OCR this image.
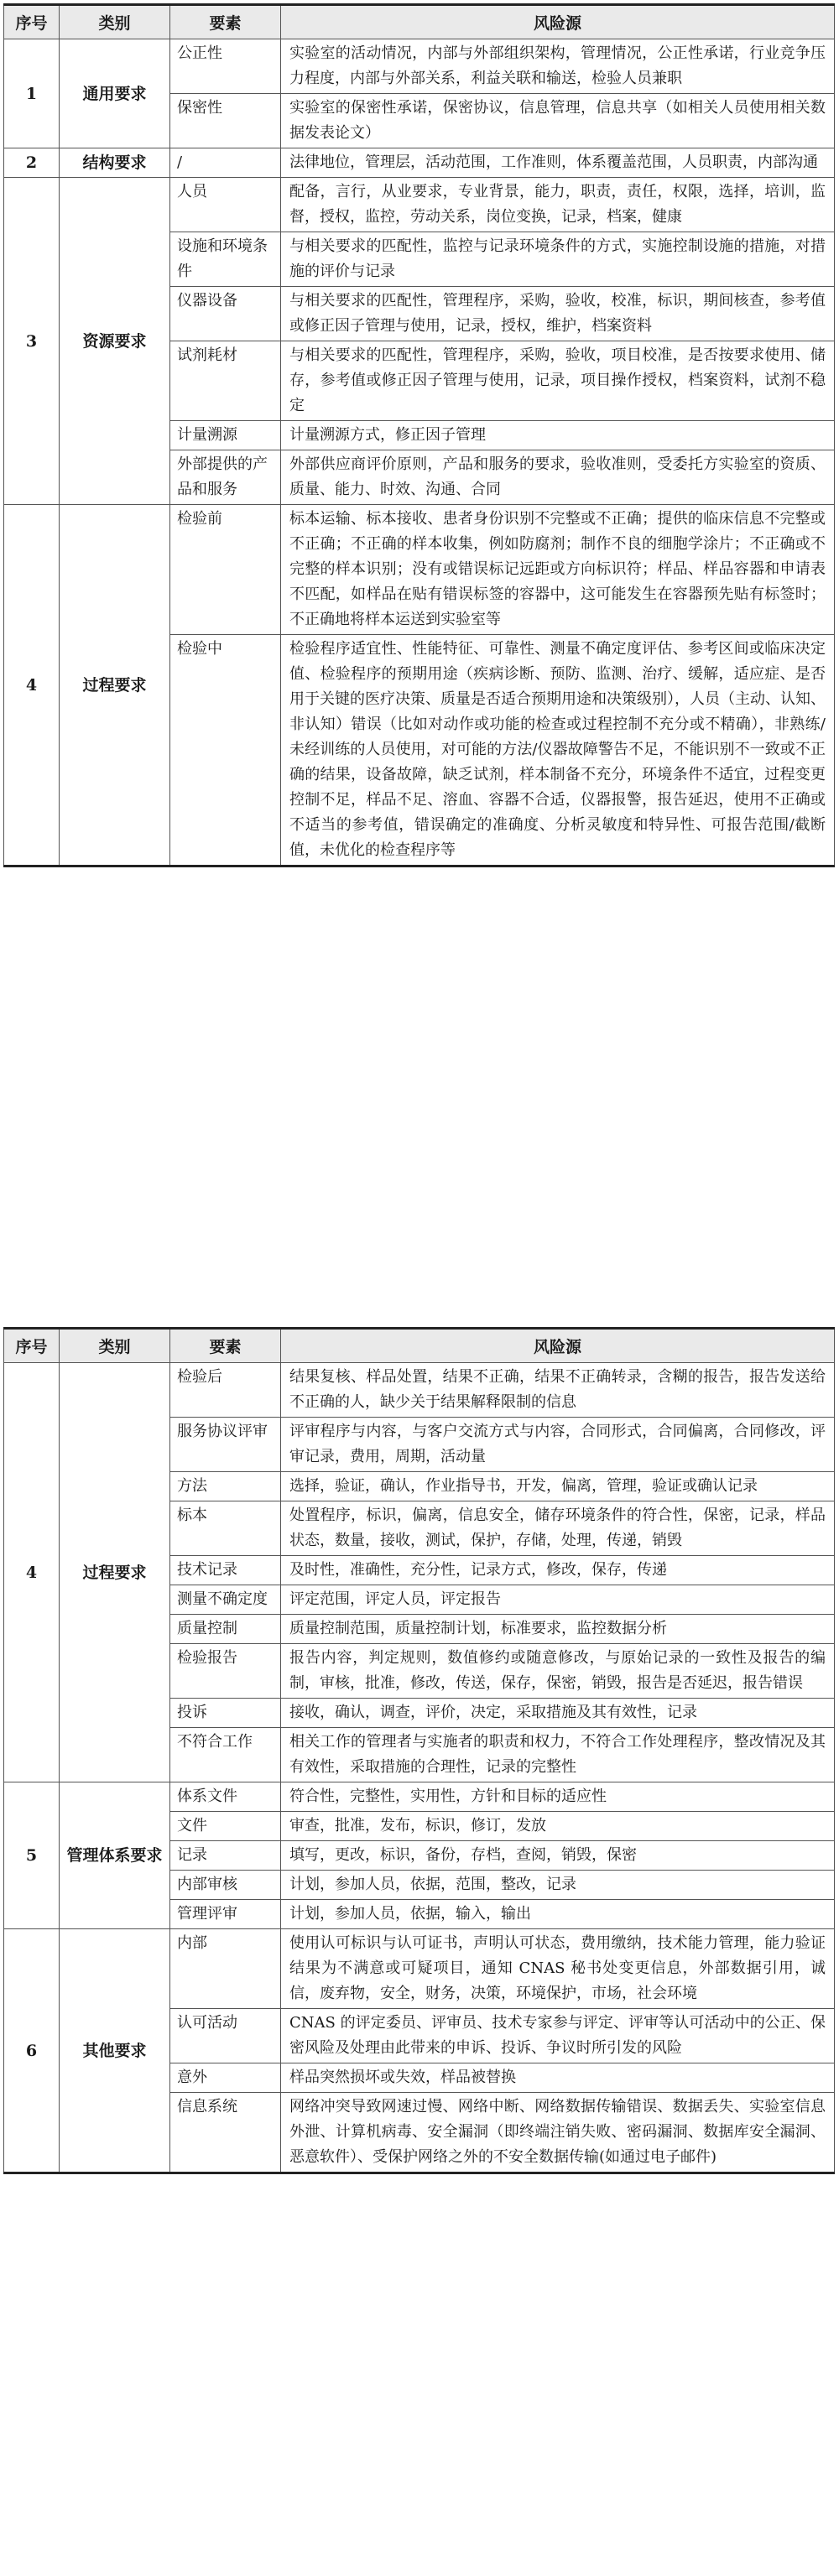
序号	类别	要素	风险源
1	通用要求	公正性	实验室的活动情况，内部与外部组织架构，管理情况，公正性承诺，行业竞争压力程度，内部与外部关系，利益关联和输送，检验人员兼职
		保密性	实验室的保密性承诺，保密协议，信息管理，信息共享（如相关人员使用相关数据发表论文）
2	结构要求	/	法律地位，管理层，活动范围，工作准则，体系覆盖范围，人员职责，内部沟通
3	资源要求	人员	配备，言行，从业要求，专业背景，能力，职责，责任，权限，选择，培训，监督，授权，监控，劳动关系，岗位变换，记录，档案，健康
		设施和环境条件	与相关要求的匹配性，监控与记录环境条件的方式，实施控制设施的措施，对措施的评价与记录
		仪器设备	与相关要求的匹配性，管理程序，采购，验收，校准，标识，期间核查，参考值或修正因子管理与使用，记录，授权，维护，档案资料
		试剂耗材	与相关要求的匹配性，管理程序，采购，验收，项目校准，是否按要求使用、储存，参考值或修正因子管理与使用，记录，项目操作授权，档案资料，试剂不稳定
		计量溯源	计量溯源方式，修正因子管理
		外部提供的产品和服务	外部供应商评价原则，产品和服务的要求，验收准则，受委托方实验室的资质、质量、能力、时效、沟通、合同
4	过程要求	检验前	标本运输、标本接收、患者身份识别不完整或不正确；提供的临床信息不完整或不正确；不正确的样本收集，例如防腐剂；制作不良的细胞学涂片；不正确或不完整的样本识别；没有或错误标记远距或方向标识符；样品、样品容器和申请表不匹配，如样品在贴有错误标签的容器中，这可能发生在容器预先贴有标签时；不正确地将样本运送到实验室等
		检验中	检验程序适宜性、性能特征、可靠性、测量不确定度评估、参考区间或临床决定值、检验程序的预期用途（疾病诊断、预防、监测、治疗、缓解，适应症、是否用于关键的医疗决策、质量是否适合预期用途和决策级别），人员（主动、认知、非认知）错误（比如对动作或功能的检查或过程控制不充分或不精确），非熟练/未经训练的人员使用，对可能的方法/仪器故障警告不足，不能识别不一致或不正确的结果，设备故障，缺乏试剂，样本制备不充分，环境条件不适宜，过程变更控制不足，样品不足、溶血、容器不合适，仪器报警，报告延迟，使用不正确或不适当的参考值，错误确定的准确度、分析灵敏度和特异性、可报告范围/截断值，未优化的检查程序等
序号	类别	要素	风险源
4	过程要求	检验后	结果复核、样品处置，结果不正确，结果不正确转录，含糊的报告，报告发送给不正确的人，缺少关于结果解释限制的信息
		服务协议评审	评审程序与内容，与客户交流方式与内容，合同形式，合同偏离，合同修改，评审记录，费用，周期，活动量
		方法	选择，验证，确认，作业指导书，开发，偏离，管理，验证或确认记录
		标本	处置程序，标识，偏离，信息安全，储存环境条件的符合性，保密，记录，样品状态，数量，接收，测试，保护，存储，处理，传递，销毁
		技术记录	及时性，准确性，充分性，记录方式，修改，保存，传递
		测量不确定度	评定范围，评定人员，评定报告
		质量控制	质量控制范围，质量控制计划，标准要求，监控数据分析
		检验报告	报告内容，判定规则，数值修约或随意修改，与原始记录的一致性及报告的编制，审核，批准，修改，传送，保存，保密，销毁，报告是否延迟，报告错误
		投诉	接收，确认，调查，评价，决定，采取措施及其有效性，记录
		不符合工作	相关工作的管理者与实施者的职责和权力，不符合工作处理程序，整改情况及其有效性，采取措施的合理性，记录的完整性
5	管理体系要求	体系文件	符合性，完整性，实用性，方针和目标的适应性
		文件	审查，批准，发布，标识，修订，发放
		记录	填写，更改，标识，备份，存档，查阅，销毁，保密
		内部审核	计划，参加人员，依据，范围，整改，记录
		管理评审	计划，参加人员，依据，输入，输出
6	其他要求	内部	使用认可标识与认可证书，声明认可状态，费用缴纳，技术能力管理，能力验证结果为不满意或可疑项目，通知 CNAS 秘书处变更信息，外部数据引用，诚信，废弃物，安全，财务，决策，环境保护，市场，社会环境
		认可活动	CNAS 的评定委员、评审员、技术专家参与评定、评审等认可活动中的公正、保密风险及处理由此带来的申诉、投诉、争议时所引发的风险
		意外	样品突然损坏或失效，样品被替换
		信息系统	网络冲突导致网速过慢、网络中断、网络数据传输错误、数据丢失、实验室信息外泄、计算机病毒、安全漏洞（即终端注销失败、密码漏洞、数据库安全漏洞、恶意软件）、受保护网络之外的不安全数据传输(如通过电子邮件)
